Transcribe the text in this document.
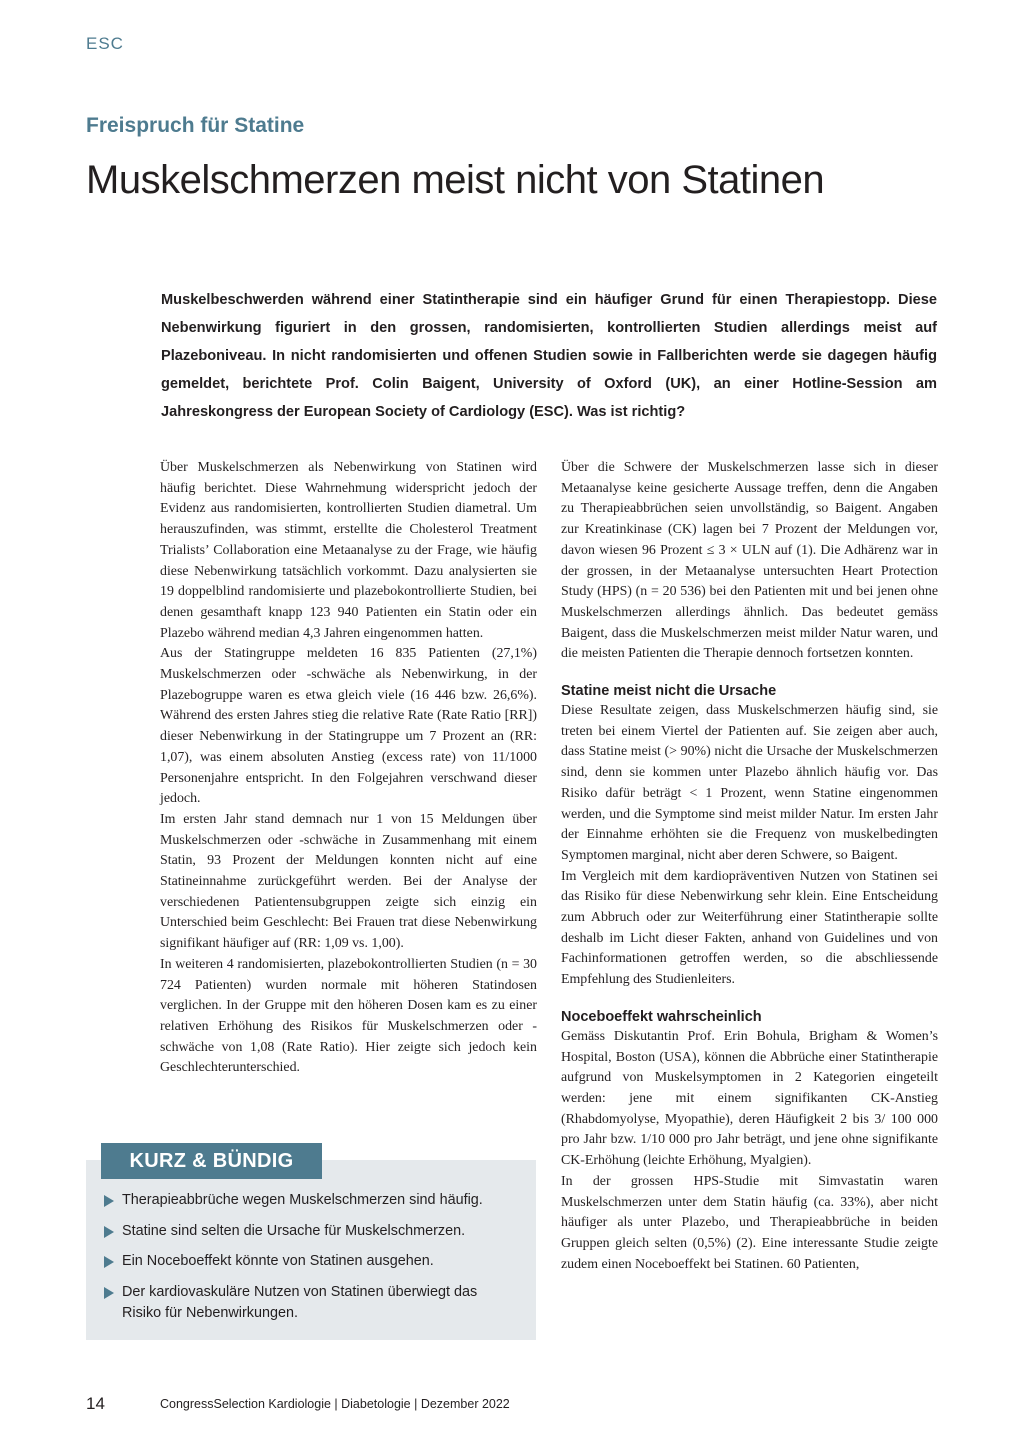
ESC
Freispruch für Statine
Muskelschmerzen meist nicht von Statinen

Muskelbeschwerden während einer Statintherapie sind ein häufiger Grund für einen Therapiestopp. Diese Nebenwirkung figuriert in den grossen, randomisierten, kontrollierten Studien allerdings meist auf Plazeboniveau. In nicht randomisierten und offenen Studien sowie in Fallberichten werde sie dagegen häufig gemeldet, berichtete Prof. Colin Baigent, University of Oxford (UK), an einer Hotline-Session am Jahreskongress der European Society of Cardiology (ESC). Was ist richtig?

Über Muskelschmerzen als Nebenwirkung von Statinen wird häufig berichtet. Diese Wahrnehmung widerspricht jedoch der Evidenz aus randomisierten, kontrollierten Studien diametral. Um herauszufinden, was stimmt, erstellte die Cholesterol Treatment Trialists’ Collaboration eine Metaanalyse zu der Frage, wie häufig diese Nebenwirkung tatsächlich vorkommt. Dazu analysierten sie 19 doppelblind randomisierte und plazebokontrollierte Studien, bei denen gesamthaft knapp 123 940 Patienten ein Statin oder ein Plazebo während median 4,3 Jahren eingenommen hatten.

Aus der Statingruppe meldeten 16 835 Patienten (27,1%) Muskelschmerzen oder -schwäche als Nebenwirkung, in der Plazebogruppe waren es etwa gleich viele (16 446 bzw. 26,6%). Während des ersten Jahres stieg die relative Rate (Rate Ratio [RR]) dieser Nebenwirkung in der Statingruppe um 7 Prozent an (RR: 1,07), was einem absoluten Anstieg (excess rate) von 11/1000 Personenjahre entspricht. In den Folgejahren verschwand dieser jedoch.

Im ersten Jahr stand demnach nur 1 von 15 Meldungen über Muskelschmerzen oder -schwäche in Zusammenhang mit einem Statin, 93 Prozent der Meldungen konnten nicht auf eine Statineinnahme zurückgeführt werden. Bei der Analyse der verschiedenen Patientensubgruppen zeigte sich einzig ein Unterschied beim Geschlecht: Bei Frauen trat diese Nebenwirkung signifikant häufiger auf (RR: 1,09 vs. 1,00).

In weiteren 4 randomisierten, plazebokontrollierten Studien (n = 30 724 Patienten) wurden normale mit höheren Statindosen verglichen. In der Gruppe mit den höheren Dosen kam es zu einer relativen Erhöhung des Risikos für Muskelschmerzen oder -schwäche von 1,08 (Rate Ratio). Hier zeigte sich jedoch kein Geschlechterunterschied.

Über die Schwere der Muskelschmerzen lasse sich in dieser Metaanalyse keine gesicherte Aussage treffen, denn die Angaben zu Therapieabbrüchen seien unvollständig, so Baigent. Angaben zur Kreatinkinase (CK) lagen bei 7 Prozent der Meldungen vor, davon wiesen 96 Prozent ≤ 3 × ULN auf (1). Die Adhärenz war in der grossen, in der Metaanalyse untersuchten Heart Protection Study (HPS) (n = 20 536) bei den Patienten mit und bei jenen ohne Muskelschmerzen allerdings ähnlich. Das bedeutet gemäss Baigent, dass die Muskelschmerzen meist milder Natur waren, und die meisten Patienten die Therapie dennoch fortsetzen konnten.

Statine meist nicht die Ursache

Diese Resultate zeigen, dass Muskelschmerzen häufig sind, sie treten bei einem Viertel der Patienten auf. Sie zeigen aber auch, dass Statine meist (> 90%) nicht die Ursache der Muskelschmerzen sind, denn sie kommen unter Plazebo ähnlich häufig vor. Das Risiko dafür beträgt < 1 Prozent, wenn Statine eingenommen werden, und die Symptome sind meist milder Natur. Im ersten Jahr der Einnahme erhöhten sie die Frequenz von muskelbedingten Symptomen marginal, nicht aber deren Schwere, so Baigent.

Im Vergleich mit dem kardiopräventiven Nutzen von Statinen sei das Risiko für diese Nebenwirkung sehr klein. Eine Entscheidung zum Abbruch oder zur Weiterführung einer Statintherapie sollte deshalb im Licht dieser Fakten, anhand von Guidelines und von Fachinformationen getroffen werden, so die abschliessende Empfehlung des Studienleiters.

Noceboeffekt wahrscheinlich

Gemäss Diskutantin Prof. Erin Bohula, Brigham & Women’s Hospital, Boston (USA), können die Abbrüche einer Statintherapie aufgrund von Muskelsymptomen in 2 Kategorien eingeteilt werden: jene mit einem signifikanten CK-Anstieg (Rhabdomyolyse, Myopathie), deren Häufigkeit 2 bis 3/ 100 000 pro Jahr bzw. 1/10 000 pro Jahr beträgt, und jene ohne signifikante CK-Erhöhung (leichte Erhöhung, Myalgien).

In der grossen HPS-Studie mit Simvastatin waren Muskelschmerzen unter dem Statin häufig (ca. 33%), aber nicht häufiger als unter Plazebo, und Therapieabbrüche in beiden Gruppen gleich selten (0,5%) (2). Eine interessante Studie zeigte zudem einen Noceboeffekt bei Statinen. 60 Patienten,

KURZ & BÜNDIG
Therapieabbrüche wegen Muskelschmerzen sind häufig.
Statine sind selten die Ursache für Muskelschmerzen.
Ein Noceboeffekt könnte von Statinen ausgehen.
Der kardiovaskuläre Nutzen von Statinen überwiegt das Risiko für Nebenwirkungen.
14	CongressSelection Kardiologie | Diabetologie | Dezember 2022
